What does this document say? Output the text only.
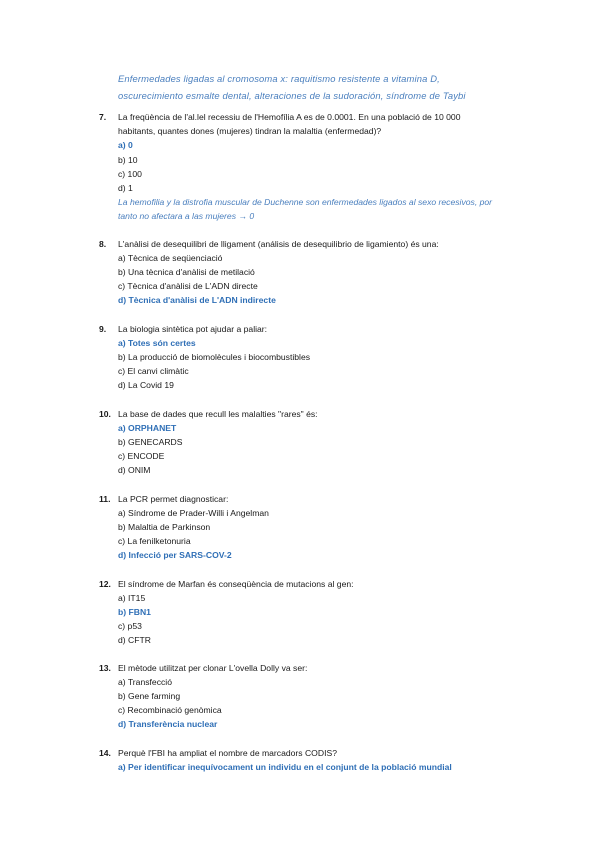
Enfermedades ligadas al cromosoma x: raquitismo resistente a vitamina D, oscurecimiento esmalte dental, alteraciones de la sudoración, síndrome de Taybi
7. La freqüència de l'al.lel recessiu de l'Hemofília A es de 0.0001. En una població de 10 000 habitants, quantes dones (mujeres) tindran la malaltia (enfermedad)?
a) 0
b) 10
c) 100
d) 1
La hemofilia y la distrofia muscular de Duchenne son enfermedades ligados al sexo recesivos, por tanto no afectara a las mujeres → 0
8. L'anàlisi de desequilibri de lligament (análisis de desequilibrio de ligamiento) és una:
a) Tècnica de seqüenciació
b) Una tècnica d'anàlisi de metilació
c) Tècnica d'anàlisi de L'ADN directe
d) Tècnica d'anàlisi de L'ADN indirecte
9. La biologia sintètica pot ajudar a paliar:
a) Totes són certes
b) La producció de biomolècules i biocombustibles
c) El canvi climàtic
d) La Covid 19
10. La base de dades que recull les malalties "rares" és:
a) ORPHANET
b) GENECARDS
c) ENCODE
d) ONIM
11. La PCR permet diagnosticar:
a) Síndrome de Prader-Willi i Angelman
b) Malaltia de Parkinson
c) La fenilketonuria
d) Infecció per SARS-COV-2
12. El síndrome de Marfan és conseqüència de mutacions al gen:
a) IT15
b) FBN1
c) p53
d) CFTR
13. El mètode utilitzat per clonar L'ovella Dolly va ser:
a) Transfecció
b) Gene farming
c) Recombinació genòmica
d) Transferència nuclear
14. Perquè l'FBI ha ampliat el nombre de marcadors CODIS?
a) Per identificar inequívocament un individu en el conjunt de la població mundial
